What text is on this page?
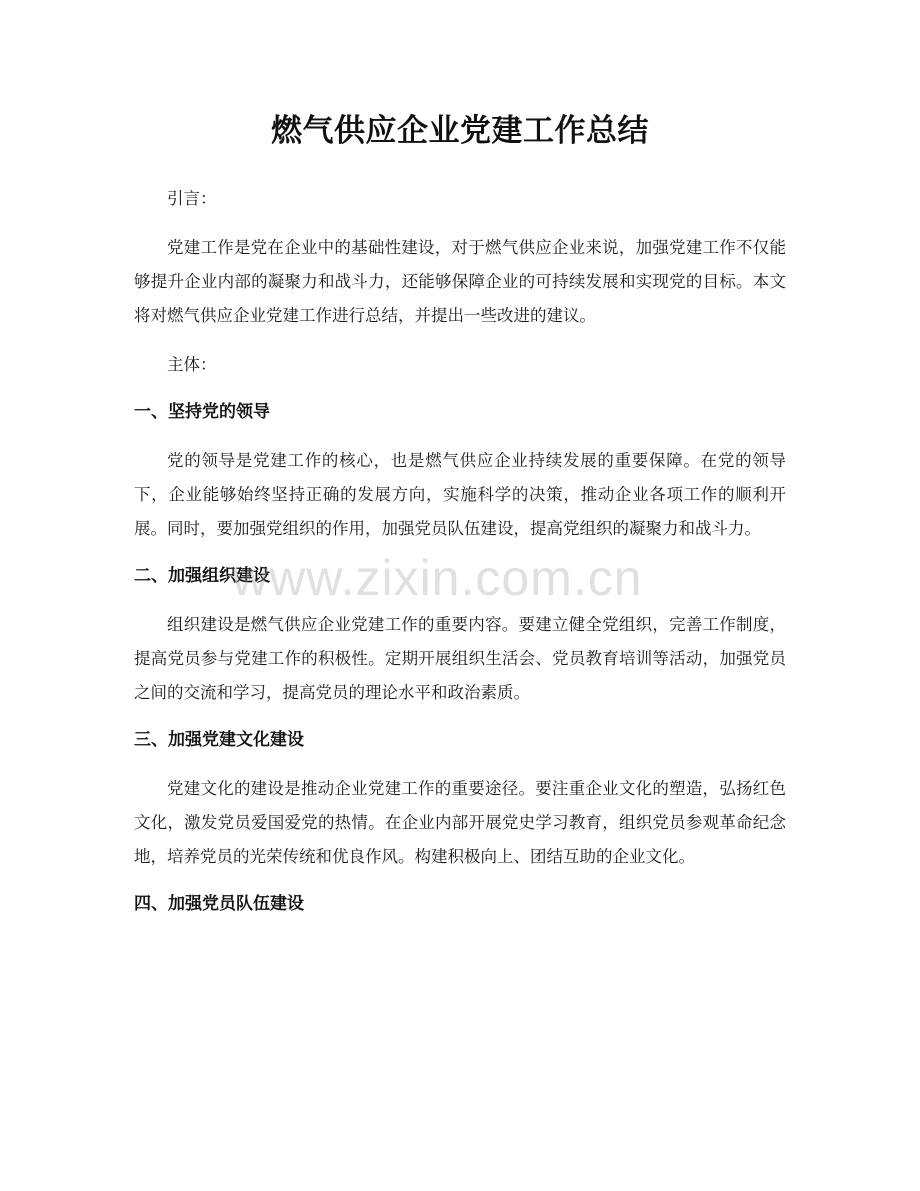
燃气供应企业党建工作总结

引言：

党建工作是党在企业中的基础性建设，对于燃气供应企业来说，加强党建工作不仅能够提升企业内部的凝聚力和战斗力，还能够保障企业的可持续发展和实现党的目标。本文将对燃气供应企业党建工作进行总结，并提出一些改进的建议。

主体：

一、坚持党的领导

党的领导是党建工作的核心，也是燃气供应企业持续发展的重要保障。在党的领导下，企业能够始终坚持正确的发展方向，实施科学的决策，推动企业各项工作的顺利开展。同时，要加强党组织的作用，加强党员队伍建设，提高党组织的凝聚力和战斗力。

二、加强组织建设

组织建设是燃气供应企业党建工作的重要内容。要建立健全党组织，完善工作制度，提高党员参与党建工作的积极性。定期开展组织生活会、党员教育培训等活动，加强党员之间的交流和学习，提高党员的理论水平和政治素质。

三、加强党建文化建设

党建文化的建设是推动企业党建工作的重要途径。要注重企业文化的塑造，弘扬红色文化，激发党员爱国爱党的热情。在企业内部开展党史学习教育，组织党员参观革命纪念地，培养党员的光荣传统和优良作风。构建积极向上、团结互助的企业文化。

四、加强党员队伍建设
www.zixin.com.cn
